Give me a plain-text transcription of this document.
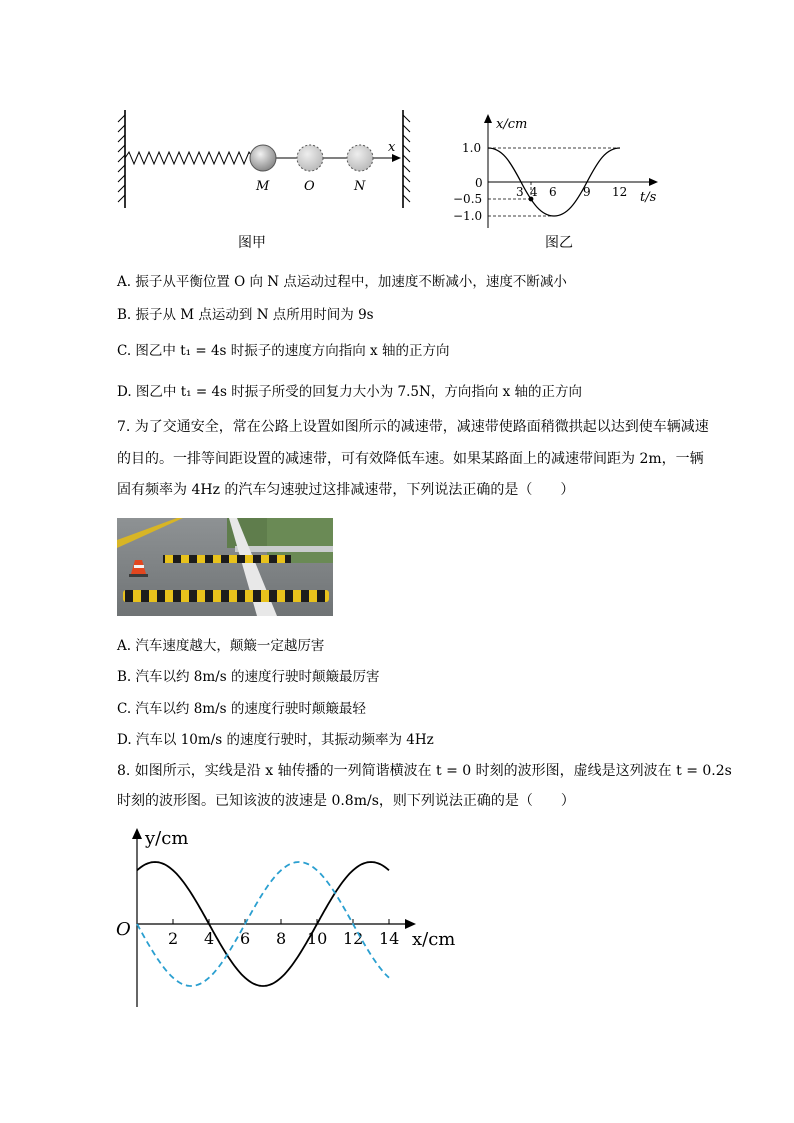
x
M	O	N
图甲
x/cm
t/s
1.0
0
−0.5
−1.0
3 4 6 9 12
图乙
A. 振子从平衡位置 O 向 N 点运动过程中，加速度不断减小，速度不断减小
B. 振子从 M 点运动到 N 点所用时间为 9s
C. 图乙中 t₁ = 4s 时振子的速度方向指向 x 轴的正方向
D. 图乙中 t₁ = 4s 时振子所受的回复力大小为 7.5N，方向指向 x 轴的正方向
7. 为了交通安全，常在公路上设置如图所示的减速带，减速带使路面稍微拱起以达到使车辆减速
的目的。一排等间距设置的减速带，可有效降低车速。如果某路面上的减速带间距为 2m，一辆
固有频率为 4Hz 的汽车匀速驶过这排减速带，下列说法正确的是（　　）
A. 汽车速度越大，颠簸一定越厉害
B. 汽车以约 8m/s 的速度行驶时颠簸最厉害
C. 汽车以约 8m/s 的速度行驶时颠簸最轻
D. 汽车以 10m/s 的速度行驶时，其振动频率为 4Hz
8. 如图所示，实线是沿 x 轴传播的一列简谐横波在 t = 0 时刻的波形图，虚线是这列波在 t = 0.2s
时刻的波形图。已知该波的波速是 0.8m/s，则下列说法正确的是（　　）
2 4 6 8 10 12 14
y/cm
x/cm
O
